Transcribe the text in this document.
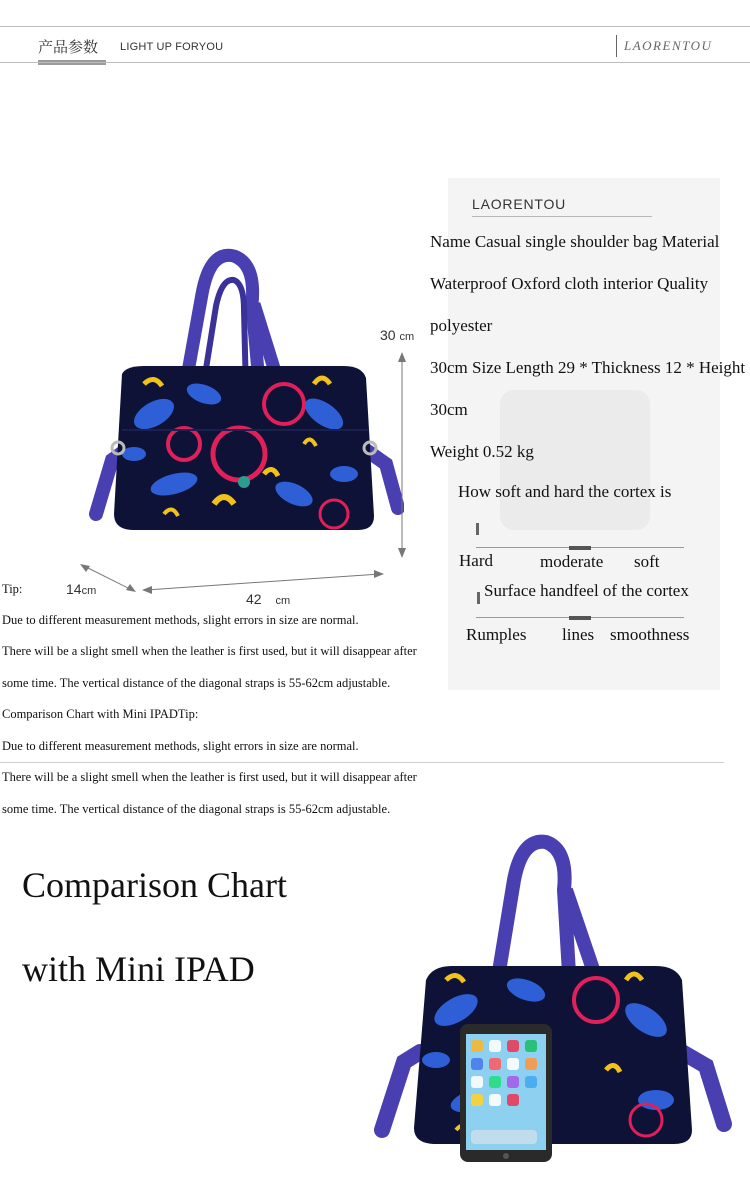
产品参数 LIGHT UP FORYOU	LAORENTOU
30 cm
14cm	42 cm
LAORENTOU
Name Casual single shoulder bag Material
Waterproof Oxford cloth interior Quality
polyester
30cm Size Length 29 * Thickness 12 * Height
30cm
Weight 0.52 kg
How soft and hard the cortex is
Hard	moderate soft
Surface handfeel of the cortex
Rumples lines smoothness
Tip:
Due to different measurement methods, slight errors in size are normal.
There will be a slight smell when the leather is first used, but it will disappear after
some time. The vertical distance of the diagonal straps is 55-62cm adjustable.
Comparison Chart with Mini IPADTip:
Due to different measurement methods, slight errors in size are normal.
There will be a slight smell when the leather is first used, but it will disappear after
some time. The vertical distance of the diagonal straps is 55-62cm adjustable.
Comparison Chart
with Mini IPAD
